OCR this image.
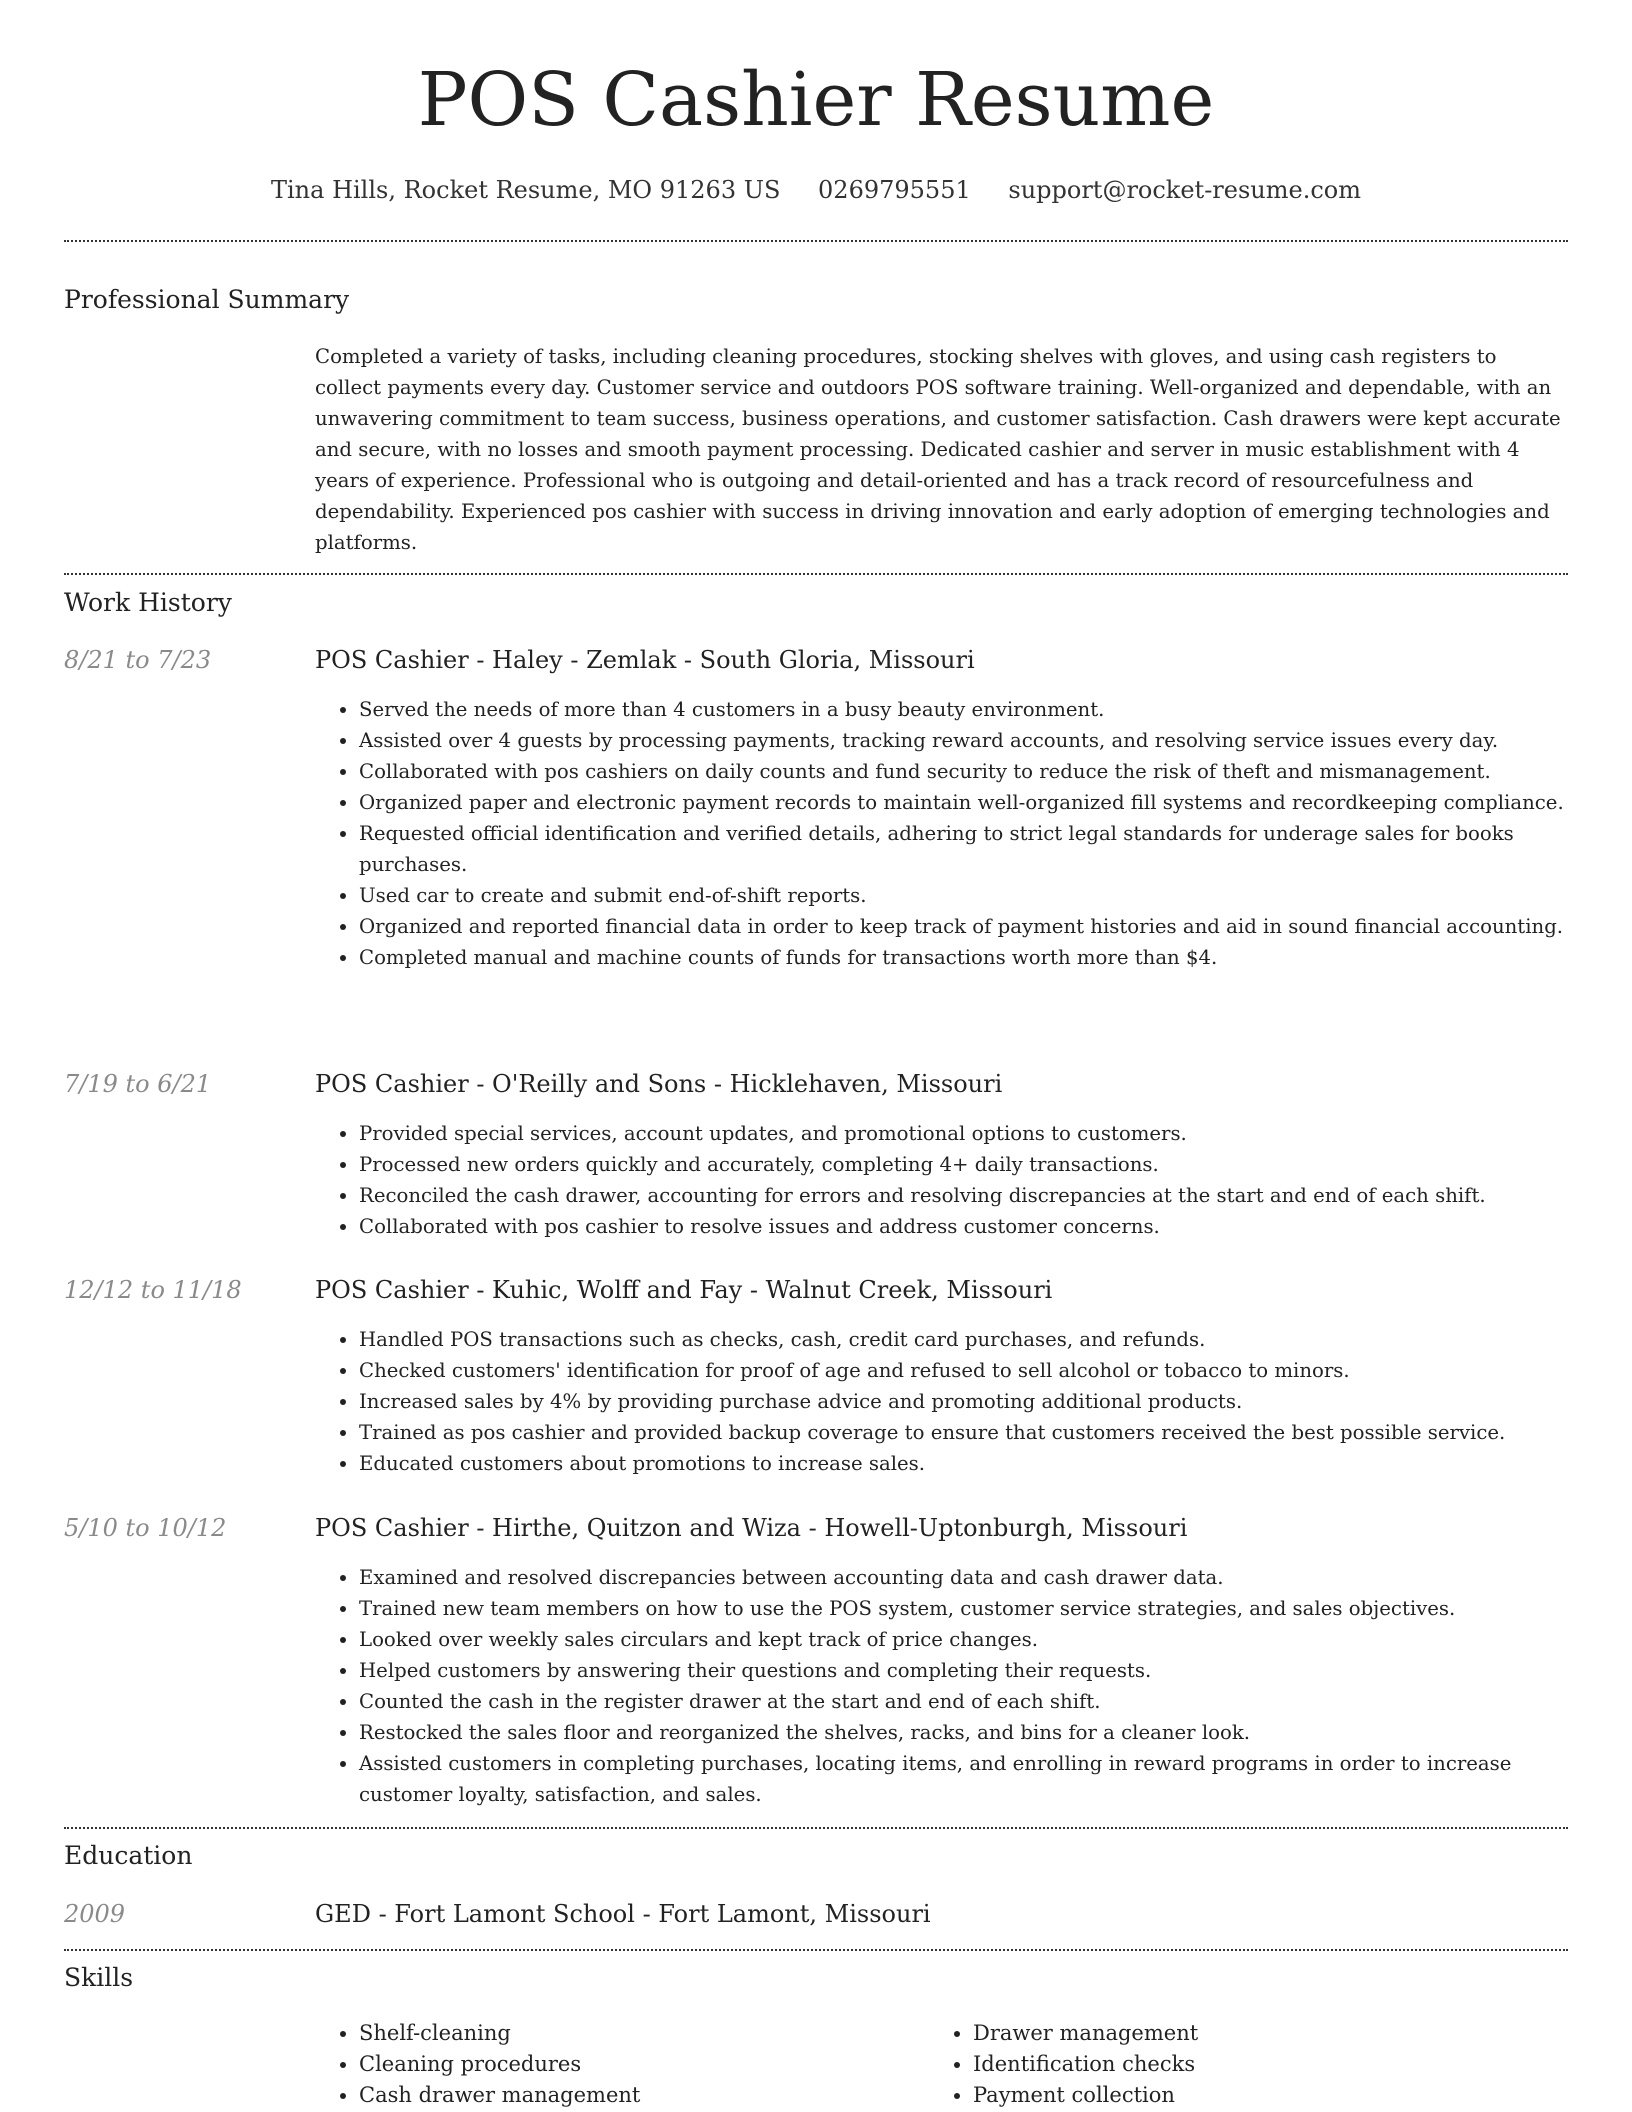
POS Cashier Resume
Tina Hills, Rocket Resume, MO 91263 US 0269795551 support@rocket-resume.com
Professional Summary
Completed a variety of tasks, including cleaning procedures, stocking shelves with gloves, and using cash registers to collect payments every day. Customer service and outdoors POS software training. Well-organized and dependable, with an unwavering commitment to team success, business operations, and customer satisfaction. Cash drawers were kept accurate and secure, with no losses and smooth payment processing. Dedicated cashier and server in music establishment with 4 years of experience. Professional who is outgoing and detail-oriented and has a track record of resourcefulness and dependability. Experienced pos cashier with success in driving innovation and early adoption of emerging technologies and platforms.
Work History
8/21 to 7/23	POS Cashier - Haley - Zemlak - South Gloria, Missouri
• Served the needs of more than 4 customers in a busy beauty environment.
• Assisted over 4 guests by processing payments, tracking reward accounts, and resolving service issues every day.
• Collaborated with pos cashiers on daily counts and fund security to reduce the risk of theft and mismanagement.
• Organized paper and electronic payment records to maintain well-organized fill systems and recordkeeping compliance.
• Requested official identification and verified details, adhering to strict legal standards for underage sales for books purchases.
• Used car to create and submit end-of-shift reports.
• Organized and reported financial data in order to keep track of payment histories and aid in sound financial accounting.
• Completed manual and machine counts of funds for transactions worth more than $4.
7/19 to 6/21	POS Cashier - O'Reilly and Sons - Hicklehaven, Missouri
• Provided special services, account updates, and promotional options to customers.
• Processed new orders quickly and accurately, completing 4+ daily transactions.
• Reconciled the cash drawer, accounting for errors and resolving discrepancies at the start and end of each shift.
• Collaborated with pos cashier to resolve issues and address customer concerns.
12/12 to 11/18	POS Cashier - Kuhic, Wolff and Fay - Walnut Creek, Missouri
• Handled POS transactions such as checks, cash, credit card purchases, and refunds.
• Checked customers' identification for proof of age and refused to sell alcohol or tobacco to minors.
• Increased sales by 4% by providing purchase advice and promoting additional products.
• Trained as pos cashier and provided backup coverage to ensure that customers received the best possible service.
• Educated customers about promotions to increase sales.
5/10 to 10/12	POS Cashier - Hirthe, Quitzon and Wiza - Howell-Uptonburgh, Missouri
• Examined and resolved discrepancies between accounting data and cash drawer data.
• Trained new team members on how to use the POS system, customer service strategies, and sales objectives.
• Looked over weekly sales circulars and kept track of price changes.
• Helped customers by answering their questions and completing their requests.
• Counted the cash in the register drawer at the start and end of each shift.
• Restocked the sales floor and reorganized the shelves, racks, and bins for a cleaner look.
• Assisted customers in completing purchases, locating items, and enrolling in reward programs in order to increase customer loyalty, satisfaction, and sales.
Education
2009	GED - Fort Lamont School - Fort Lamont, Missouri
Skills
• Shelf-cleaning
• Cleaning procedures
• Cash drawer management
• Drawer management
• Identification checks
• Payment collection
